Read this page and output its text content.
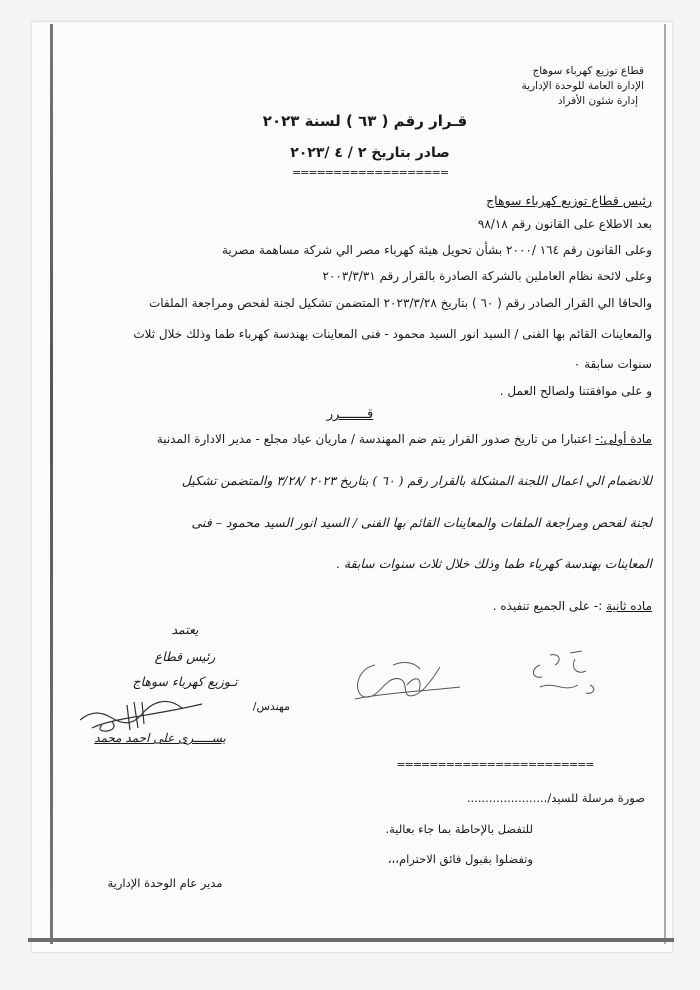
قطاع توزيع كهرباء سوهاج
الإدارة العامة للوحدة الإدارية
إدارة شئون الأفراد
قـرار رقم ( ٦٣ ) لسنة ٢٠٢٣
صادر بتاريخ ٢ / ٤ /٢٠٢٣
===================
رئيس قطاع توزيع كهرباء سوهاج
بعد الاطلاع على القانون رقم ٩٨/١٨
وعلى القانون رقم ١٦٤ /٢٠٠٠ بشأن تحويل هيئة كهرباء مصر الي شركة مساهمة مصرية
وعلى لائحة نظام العاملين بالشركة الصادرة بالقرار رقم ٢٠٠٣/٣/٣١
والحاقا الي القرار الصادر رقم ( ٦٠ ) بتاريخ ٢٠٢٣/٣/٢٨ المتضمن تشكيل لجنة لفحص ومراجعة الملفات
والمعاينات القائم بها الفنى / السيد انور السيد محمود - فنى المعاينات بهندسة كهرباء طما وذلك خلال ثلاث
سنوات سابقة ٠
و على موافقتنا ولصالح العمل .
قـــــــرر
مادة أولى:- اعتبارا من تاريخ صدور القرار يتم ضم المهندسة / ماريان عياد مجلع - مدير الادارة المدنية
للانضمام الي اعمال اللجنة المشكلة بالقرار رقم ( ٦٠ ) بتاريخ ٢٠٢٣ /٣/٢٨ والمتضمن تشكيل
لجنة لفحص ومراجعة الملفات والمعاينات القائم بها الفنى / السيد انور السيد محمود – فنى
المعاينات بهندسة كهرباء طما وذلك خلال ثلاث سنوات سابقة .
ماده ثانية :- على الجميع تنفيذه .
يعتمد
رئيس قطاع
تـوزيع كهرباء سوهاج
مهندس/
يســـــرى على احمد محمد
========================
صورة مرسلة للسيد/......................
للتفضل بالإحاطة بما جاء بعالية.
وتفضلوا بقبول فائق الاحترام،،،
مدير عام الوحدة الإدارية
